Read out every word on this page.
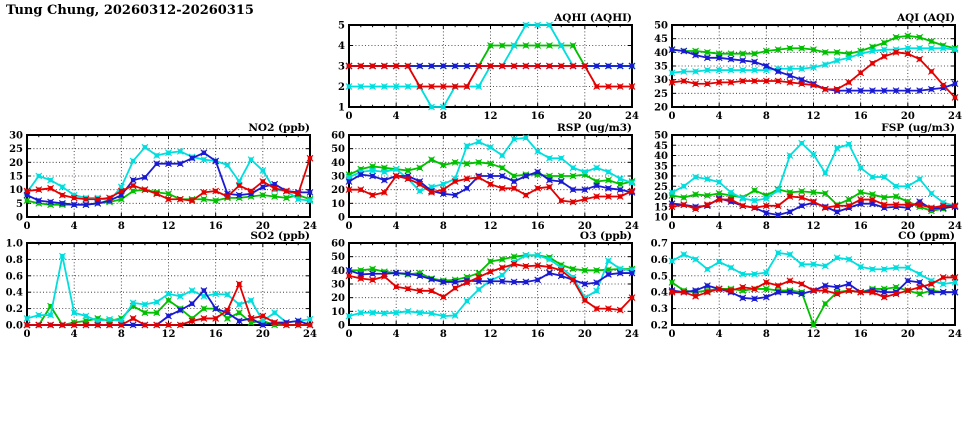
Tung Chung, 20260312-20260315
0	4	8	12	16	20	24
1
2
3
4
5
AQHI (AQHI)
0	4	8	12	16	20	24
20
25
30
35
40
45
50
AQI (AQI)
0	4	8	12	16	20	24
0
5
10
15
20
25
30
NO2 (ppb)
0	4	8	12	16	20	24
0
10
20
30
40
50
60
RSP (ug/m3)
0	4	8	12	16	20	24
10
15
20
25
30
35
40
45
50
FSP (ug/m3)
0	4	8	12	16	20	24
0.0
0.2
0.4
0.6
0.8
1.0
SO2 (ppb)
0	4	8	12	16	20	24
0
10
20
30
40
50
60
O3 (ppb)
0	4	8	12	16	20	24
0.2
0.3
0.4
0.5
0.6
0.7
CO (ppm)
